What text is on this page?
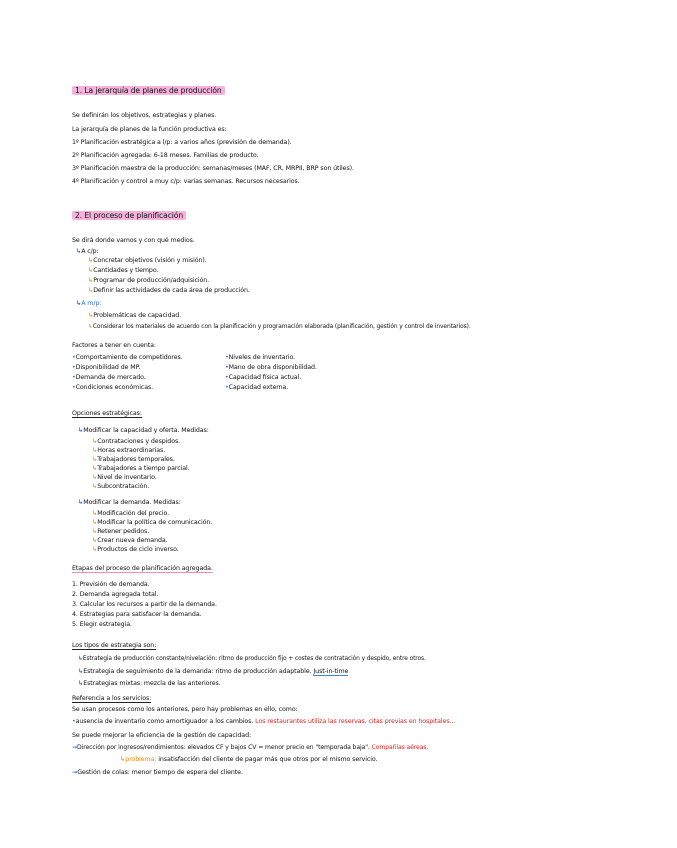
1. La jerarquía de planes de producción
Se definirán los objetivos, estrategias y planes.
La jerarquía de planes de la función productiva es:
1º Planificación estratégica a l/p: a varios años (previsión de demanda).
2º Planificación agregada: 6-18 meses. Familias de producto.
3º Planificación maestra de la producción: semanas/meses (MAF, CR, MRPII, BRP son útiles).
4º Planificación y control a muy c/p: varias semanas. Recursos necesarios.
2. El proceso de planificación
Se dirá donde vamos y con qué medios.
↳A c/p:
↳Concretar objetivos (visión y misión).
↳Cantidades y tiempo.
↳Programar de producción/adquisición.
↳Definir las actividades de cada área de producción.
↳A m/p:
↳Problemáticas de capacidad.
↳Considerar los materiales de acuerdo con la planificación y programación elaborada (planificación, gestión y control de inventarios).
Factores a tener en cuenta:
•Comportamiento de competidores.
•Disponibilidad de MP.
•Demanda de mercado.
•Condiciones económicas.
•Niveles de inventario.
•Mano de obra disponibilidad.
•Capacidad física actual.
•Capacidad externa.
Opciones estratégicas:
↳Modificar la capacidad y oferta. Medidas:
↳Contrataciones y despidos.
↳Horas extraordinarias.
↳Trabajadores temporales.
↳Trabajadores a tiempo parcial.
↳Nivel de inventario.
↳Subcontratación.
↳Modificar la demanda. Medidas:
↳Modificación del precio.
↳Modificar la política de comunicación.
↳Retener pedidos.
↳Crear nueva demanda.
↳Productos de ciclo inverso.
Etapas del proceso de planificación agregada.
1. Previsión de demanda.
2. Demanda agregada total.
3. Calcular los recursos a partir de la demanda.
4. Estrategias para satisfacer la demanda.
5. Elegir estrategia.
Los tipos de estrategia son:
↳Estrategia de producción constante/nivelación: ritmo de producción fijo + costes de contratación y despido, entre otros.
↳Estrategia de seguimiento de la demanda: ritmo de producción adaptable. Just-in-time
↳Estrategias mixtas: mezcla de las anteriores.
Referencia a los servicios:
Se usan procesos como los anteriores, pero hay problemas en ello, como:
•ausencia de inventario como amortiguador a los cambios. Los restaurantes utiliza las reservas, citas previas en hospitales...
Se puede mejorar la eficiencia de la gestión de capacidad:
→Dirección por ingresos/rendimientos: elevados CF y bajos CV = menor precio en "temporada baja". Compañías aéreas.
↳problema: insatisfacción del cliente de pagar más que otros por el mismo servicio.
→Gestión de colas: menor tiempo de espera del cliente.
